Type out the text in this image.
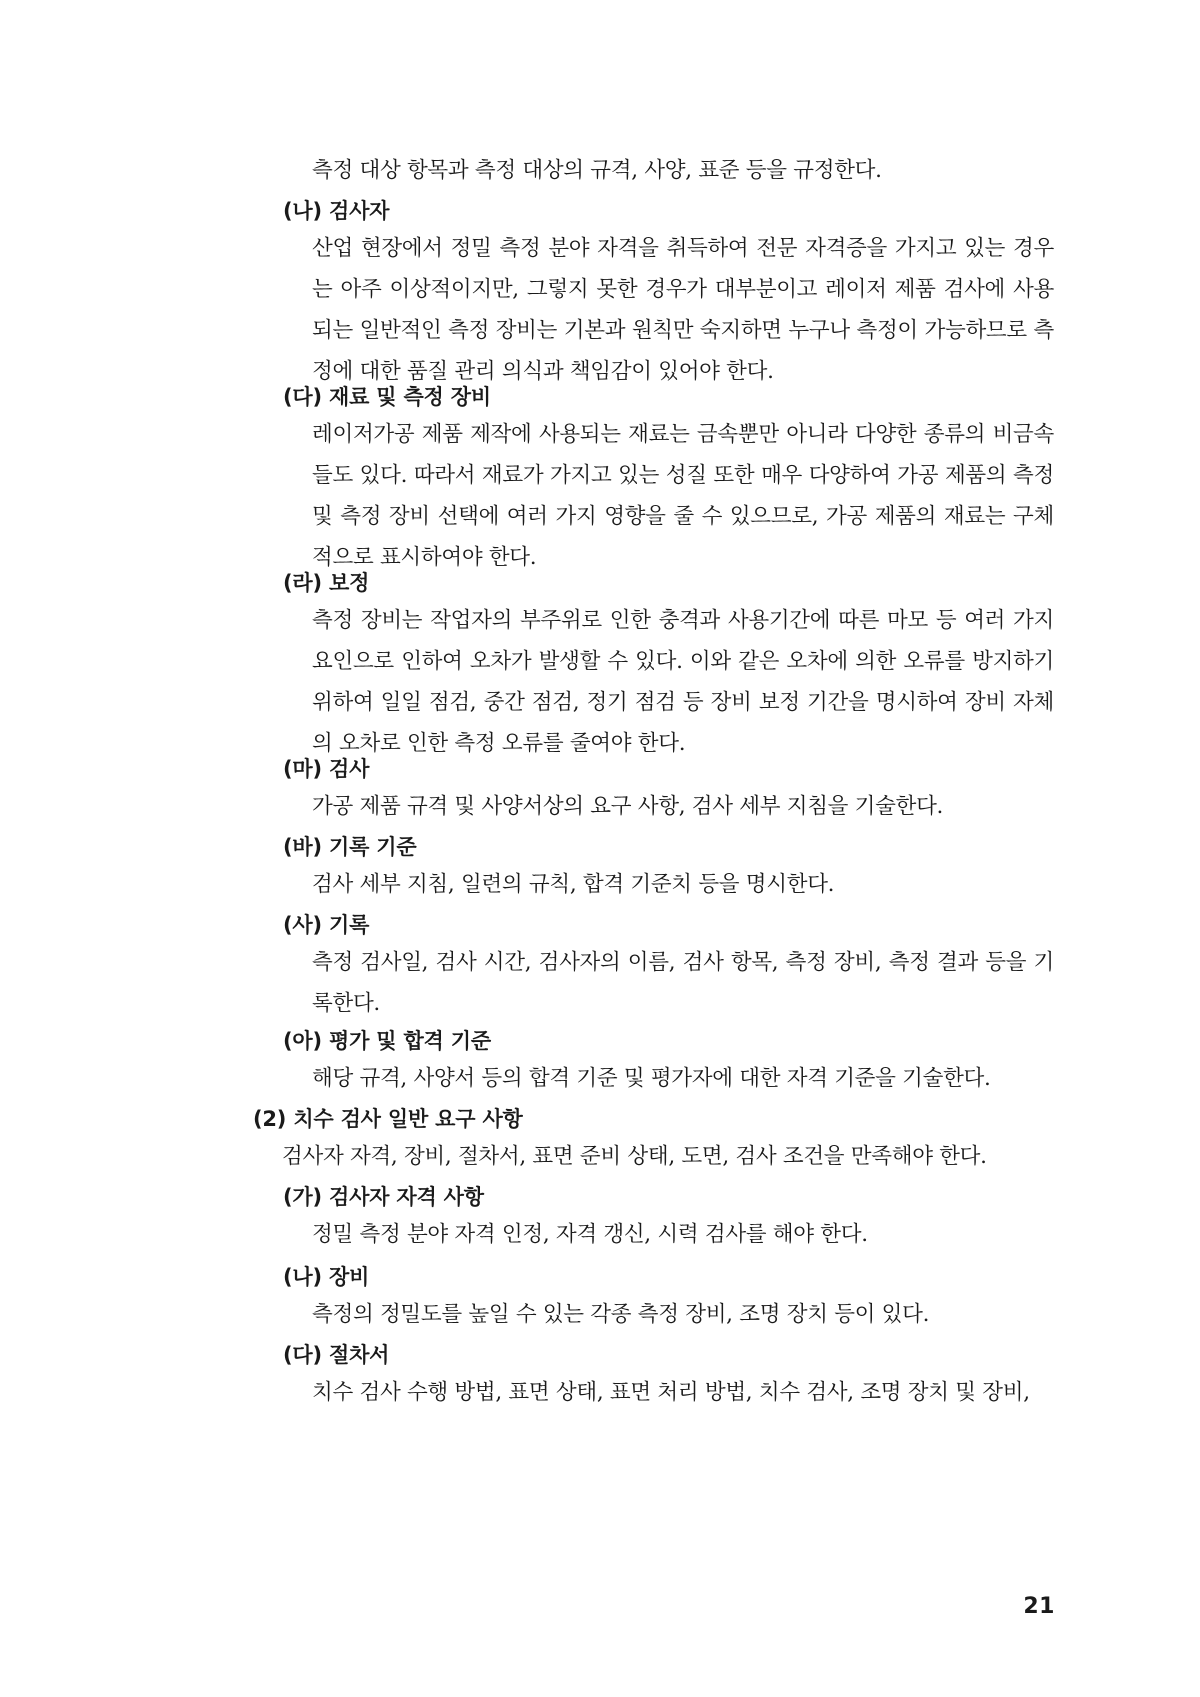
측정 대상 항목과 측정 대상의 규격, 사양, 표준 등을 규정한다.

(나) 검사자

산업 현장에서 정밀 측정 분야 자격을 취득하여 전문 자격증을 가지고 있는 경우는 아주 이상적이지만, 그렇지 못한 경우가 대부분이고 레이저 제품 검사에 사용되는 일반적인 측정 장비는 기본과 원칙만 숙지하면 누구나 측정이 가능하므로 측정에 대한 품질 관리 의식과 책임감이 있어야 한다.

(다) 재료 및 측정 장비

레이저가공 제품 제작에 사용되는 재료는 금속뿐만 아니라 다양한 종류의 비금속들도 있다. 따라서 재료가 가지고 있는 성질 또한 매우 다양하여 가공 제품의 측정 및 측정 장비 선택에 여러 가지 영향을 줄 수 있으므로, 가공 제품의 재료는 구체적으로 표시하여야 한다.

(라) 보정

측정 장비는 작업자의 부주위로 인한 충격과 사용기간에 따른 마모 등 여러 가지 요인으로 인하여 오차가 발생할 수 있다. 이와 같은 오차에 의한 오류를 방지하기 위하여 일일 점검, 중간 점검, 정기 점검 등 장비 보정 기간을 명시하여 장비 자체의 오차로 인한 측정 오류를 줄여야 한다.

(마) 검사

가공 제품 규격 및 사양서상의 요구 사항, 검사 세부 지침을 기술한다.

(바) 기록 기준

검사 세부 지침, 일련의 규칙, 합격 기준치 등을 명시한다.

(사) 기록

측정 검사일, 검사 시간, 검사자의 이름, 검사 항목, 측정 장비, 측정 결과 등을 기록한다.

(아) 평가 및 합격 기준

해당 규격, 사양서 등의 합격 기준 및 평가자에 대한 자격 기준을 기술한다.

(2) 치수 검사 일반 요구 사항

검사자 자격, 장비, 절차서, 표면 준비 상태, 도면, 검사 조건을 만족해야 한다.

(가) 검사자 자격 사항

정밀 측정 분야 자격 인정, 자격 갱신, 시력 검사를 해야 한다.

(나) 장비

측정의 정밀도를 높일 수 있는 각종 측정 장비, 조명 장치 등이 있다.

(다) 절차서

치수 검사 수행 방법, 표면 상태, 표면 처리 방법, 치수 검사, 조명 장치 및 장비,

21
